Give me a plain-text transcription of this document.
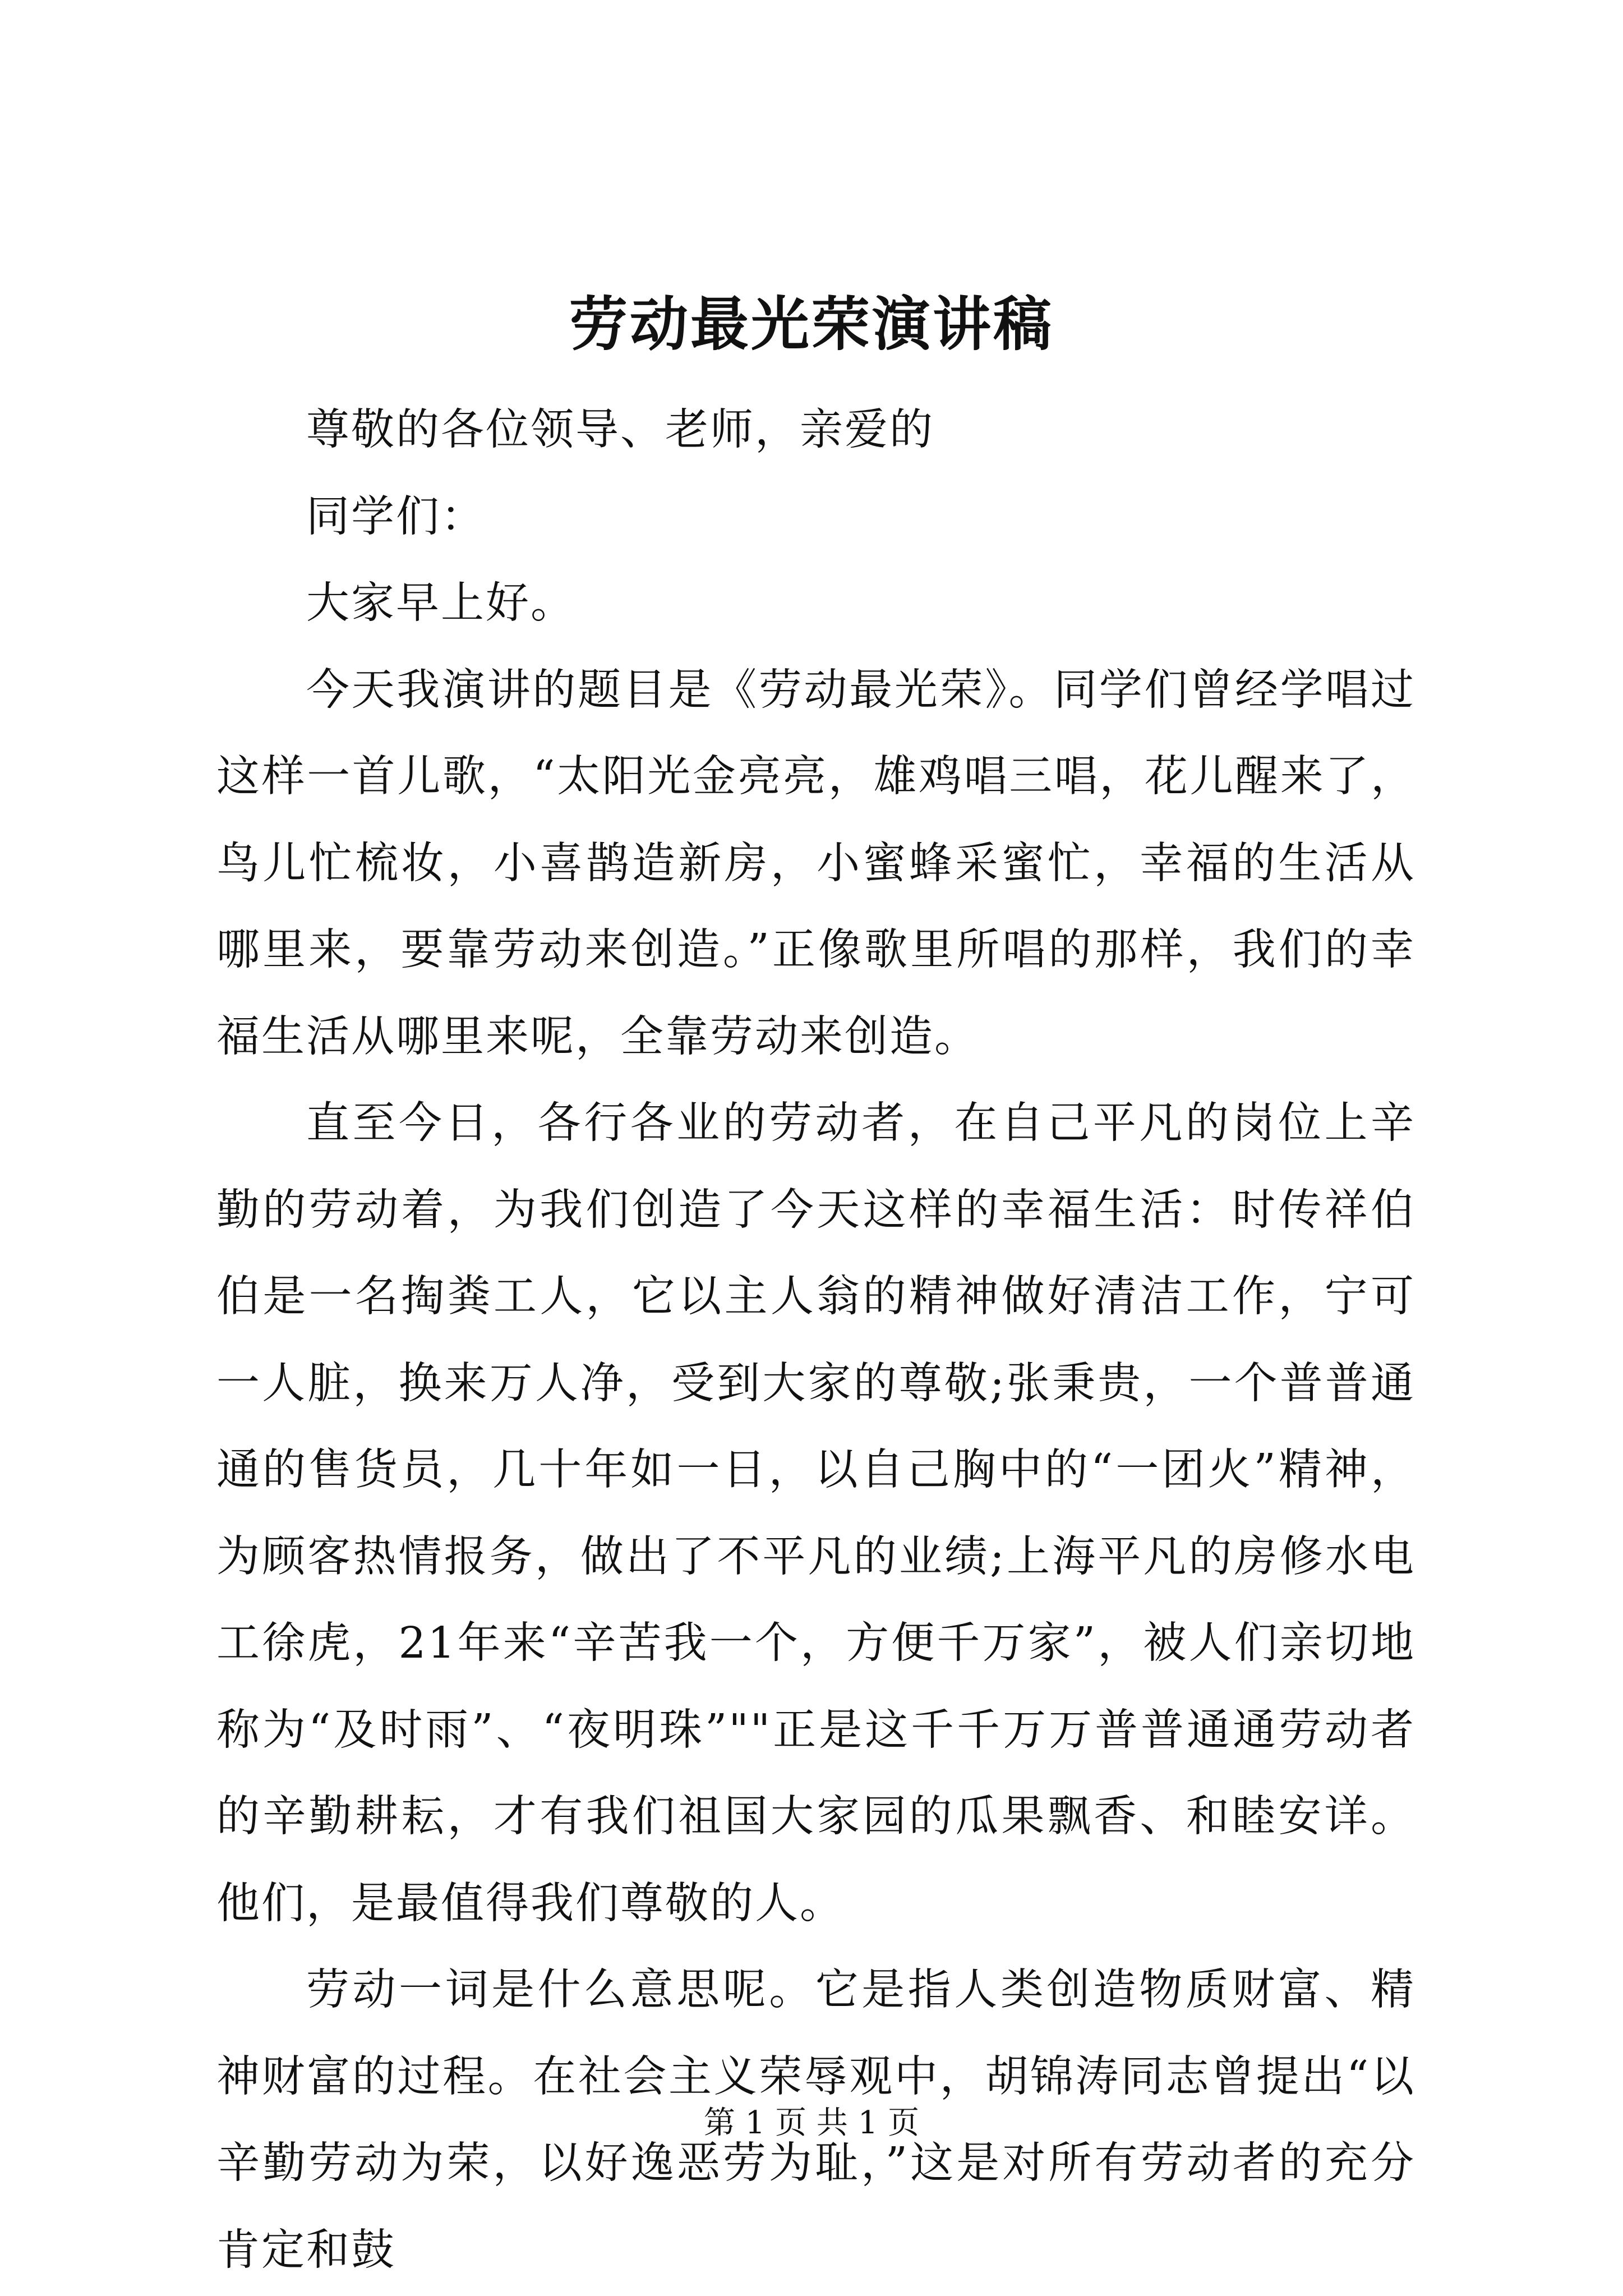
劳动最光荣演讲稿

尊敬的各位领导、老师，亲爱的

同学们：

大家早上好。

今天我演讲的题目是《劳动最光荣》。同学们曾经学唱过这样一首儿歌，“太阳光金亮亮，雄鸡唱三唱，花儿醒来了，鸟儿忙梳妆，小喜鹊造新房，小蜜蜂采蜜忙，幸福的生活从哪里来，要靠劳动来创造。”正像歌里所唱的那样，我们的幸福生活从哪里来呢，全靠劳动来创造。

直至今日，各行各业的劳动者，在自己平凡的岗位上辛勤的劳动着，为我们创造了今天这样的幸福生活：时传祥伯伯是一名掏粪工人，它以主人翁的精神做好清洁工作，宁可一人脏，换来万人净，受到大家的尊敬;张秉贵，一个普普通通的售货员，几十年如一日，以自己胸中的“一团火”精神，为顾客热情报务，做出了不平凡的业绩;上海平凡的房修水电工徐虎，21年来“辛苦我一个，方便千万家”，被人们亲切地称为“及时雨”、“夜明珠”""正是这千千万万普普通通劳动者的辛勤耕耘，才有我们祖国大家园的瓜果飘香、和睦安详。他们，是最值得我们尊敬的人。

劳动一词是什么意思呢。它是指人类创造物质财富、精神财富的过程。在社会主义荣辱观中，胡锦涛同志曾提出“以辛勤劳动为荣，以好逸恶劳为耻，”这是对所有劳动者的充分肯定和鼓

第 1 页 共 1 页
